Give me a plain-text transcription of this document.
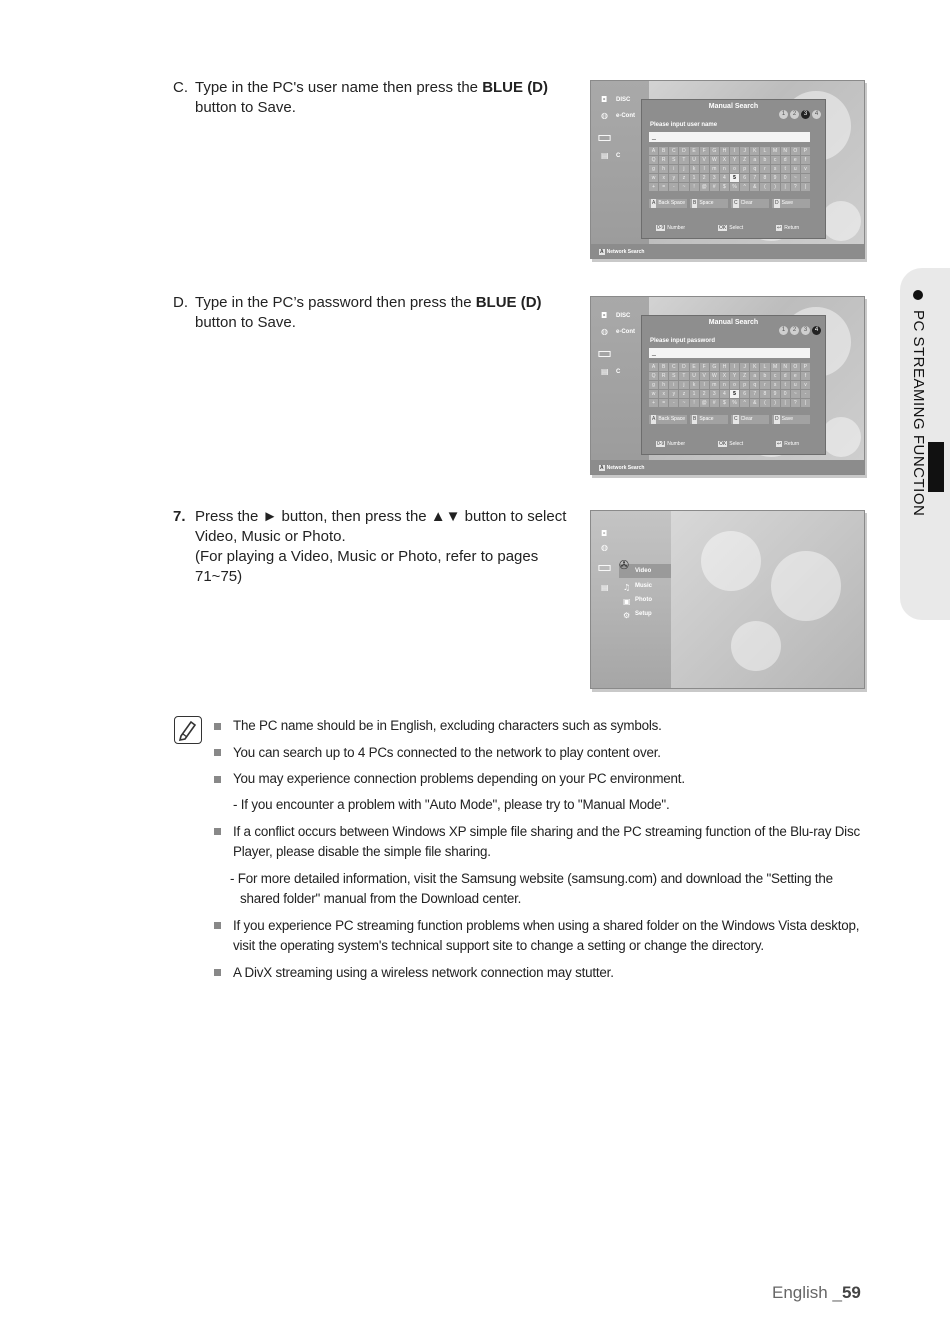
C. Type in the PC's user name then press the BLUE (D)
button to Save.
D. Type in the PC’s password then press the BLUE (D)
button to Save.
7. Press the ► button, then press the ▲▼ button to select
Video, Music or Photo.
(For playing a Video, Music or Photo, refer to pages
71~75)
◘ DISC
◍ e-Cont
▭
▤ C
Manual Search
1 2 3 4
Please input user name
_
A	B	C	D	E	F	G	H	I	J	K	L	M	N	O	P
Q	R	S	T	U	V	W	X	Y	Z	a	b	c	d	e	f
g	h	i	j	k	l	m	n	o	p	q	r	s	t	u	v
w	x	y	z	1	2	3	4	5	6	7	8	9	0	~	-
+	=	-	~	!	@	#	$	%	^	&	(	)	|	?	|
A Back Space	B Space	C Clear	D Save
0-9 Number	OK Select	↩ Return
A Network Search
◘ DISC
◍ e-Cont
▭
▤ C
Manual Search
1 2 3 4
Please input password
_
A	B	C	D	E	F	G	H	I	J	K	L	M	N	O	P
Q	R	S	T	U	V	W	X	Y	Z	a	b	c	d	e	f
g	h	i	j	k	l	m	n	o	p	q	r	s	t	u	v
w	x	y	z	1	2	3	4	5	6	7	8	9	0	~	-
+	=	-	~	!	@	#	$	%	^	&	(	)	|	?	|
A Back Space	B Space	C Clear	D Save
0-9 Number	OK Select	↩ Return
A Network Search
◘
◍
▭
▤
✇ Video
♫ Music
▣ Photo
⚙ Setup
The PC name should be in English, excluding characters such as symbols.
You can search up to 4 PCs connected to the network to play content over.
You may experience connection problems depending on your PC environment.
- If you encounter a problem with "Auto Mode", please try to "Manual Mode".
If a conflict occurs between Windows XP simple file sharing and the PC streaming function of the Blu-ray Disc
Player, please disable the simple file sharing.
- For more detailed information, visit the Samsung website (samsung.com) and download the "Setting the
shared folder" manual from the Download center.
If you experience PC streaming function problems when using a shared folder on the Windows Vista desktop,
visit the operating system's technical support site to change a setting or change the directory.
A DivX streaming using a wireless network connection may stutter.
PC STREAMING FUNCTION
English _59
